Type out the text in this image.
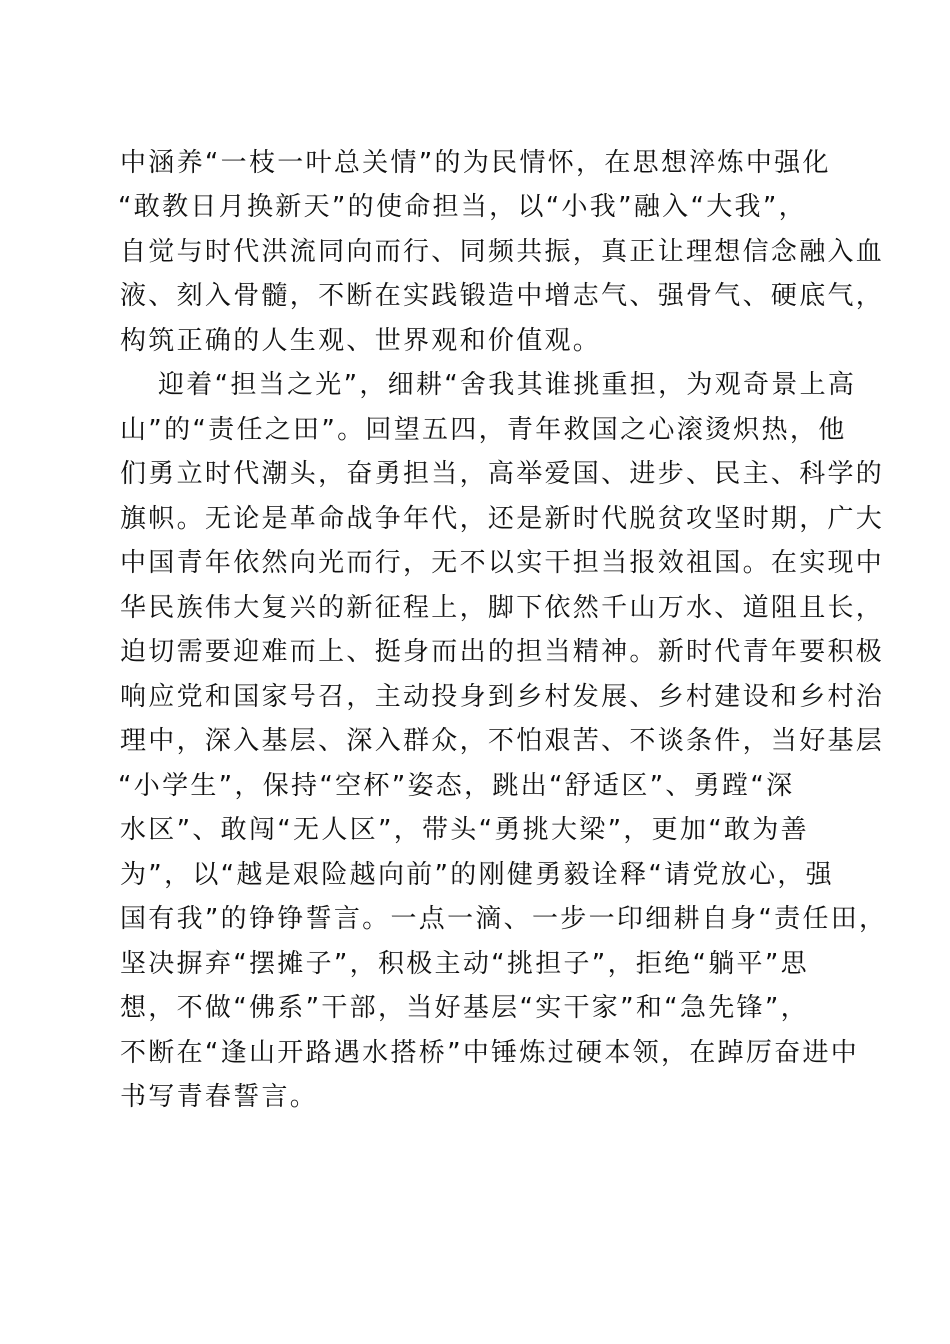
中涵养“一枝一叶总关情”的为民情怀，在思想淬炼中强化
“敢教日月换新天”的使命担当，以“小我”融入“大我”，
自觉与时代洪流同向而行、同频共振，真正让理想信念融入血
液、刻入骨髓，不断在实践锻造中增志气、强骨气、硬底气，
构筑正确的人生观、世界观和价值观。
迎着“担当之光”，细耕“舍我其谁挑重担，为观奇景上高
山”的“责任之田”。回望五四，青年救国之心滚烫炽热，他
们勇立时代潮头，奋勇担当，高举爱国、进步、民主、科学的
旗帜。无论是革命战争年代，还是新时代脱贫攻坚时期，广大
中国青年依然向光而行，无不以实干担当报效祖国。在实现中
华民族伟大复兴的新征程上，脚下依然千山万水、道阻且长，
迫切需要迎难而上、挺身而出的担当精神。新时代青年要积极
响应党和国家号召，主动投身到乡村发展、乡村建设和乡村治
理中，深入基层、深入群众，不怕艰苦、不谈条件，当好基层
“小学生”，保持“空杯”姿态，跳出“舒适区”、勇蹚“深
水区”、敢闯“无人区”，带头“勇挑大梁”，更加“敢为善
为”，以“越是艰险越向前”的刚健勇毅诠释“请党放心，强
国有我”的铮铮誓言。一点一滴、一步一印细耕自身“责任田，
坚决摒弃“摆摊子”，积极主动“挑担子”，拒绝“躺平”思
想，不做“佛系”干部，当好基层“实干家”和“急先锋”，
不断在“逢山开路遇水搭桥”中锤炼过硬本领，在踔厉奋进中
书写青春誓言。
